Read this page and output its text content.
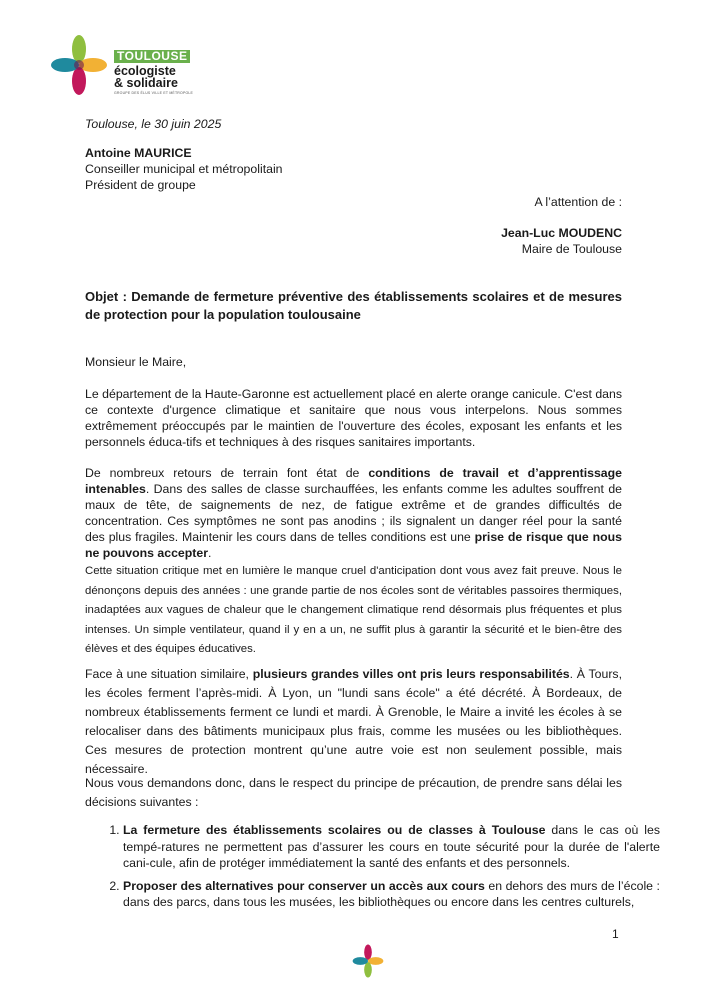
TOULOUSE
écologiste
& solidaire
GROUPE DES ÉLUS VILLE ET MÉTROPOLE
Toulouse, le 30 juin 2025
Antoine MAURICE
Conseiller municipal et métropolitain
Président de groupe
A l’attention de :
Jean-Luc MOUDENC
Maire de Toulouse
Objet : Demande de fermeture préventive des établissements scolaires et de mesures de protection pour la population toulousaine
Monsieur le Maire,
Le département de la Haute-Garonne est actuellement placé en alerte orange canicule. C'est dans ce contexte d'urgence climatique et sanitaire que nous vous interpelons. Nous sommes extrêmement préoccupés par le maintien de l'ouverture des écoles, exposant les enfants et les personnels éduca-tifs et techniques à des risques sanitaires importants.
De nombreux retours de terrain font état de conditions de travail et d’apprentissage intenables. Dans des salles de classe surchauffées, les enfants comme les adultes souffrent de maux de tête, de saignements de nez, de fatigue extrême et de grandes difficultés de concentration. Ces symptômes ne sont pas anodins ; ils signalent un danger réel pour la santé des plus fragiles. Maintenir les cours dans de telles conditions est une prise de risque que nous ne pouvons accepter.
Cette situation critique met en lumière le manque cruel d'anticipation dont vous avez fait preuve. Nous le dénonçons depuis des années : une grande partie de nos écoles sont de véritables passoires thermiques, inadaptées aux vagues de chaleur que le changement climatique rend désormais plus fréquentes et plus intenses. Un simple ventilateur, quand il y en a un, ne suffit plus à garantir la sécurité et le bien-être des élèves et des équipes éducatives.
Face à une situation similaire, plusieurs grandes villes ont pris leurs responsabilités. À Tours, les écoles ferment l’après-midi. À Lyon, un "lundi sans école" a été décrété. À Bordeaux, de nombreux établissements ferment ce lundi et mardi. À Grenoble, le Maire a invité les écoles à se relocaliser dans des bâtiments municipaux plus frais, comme les musées ou les bibliothèques. Ces mesures de protection montrent qu’une autre voie est non seulement possible, mais nécessaire.
Nous vous demandons donc, dans le respect du principe de précaution, de prendre sans délai les décisions suivantes :
1. La fermeture des établissements scolaires ou de classes à Toulouse dans le cas où les tempé-ratures ne permettent pas d’assurer les cours en toute sécurité pour la durée de l'alerte cani-cule, afin de protéger immédiatement la santé des enfants et des personnels.
2. Proposer des alternatives pour conserver un accès aux cours en dehors des murs de l’école : dans des parcs, dans tous les musées, les bibliothèques ou encore dans les centres culturels,
1
